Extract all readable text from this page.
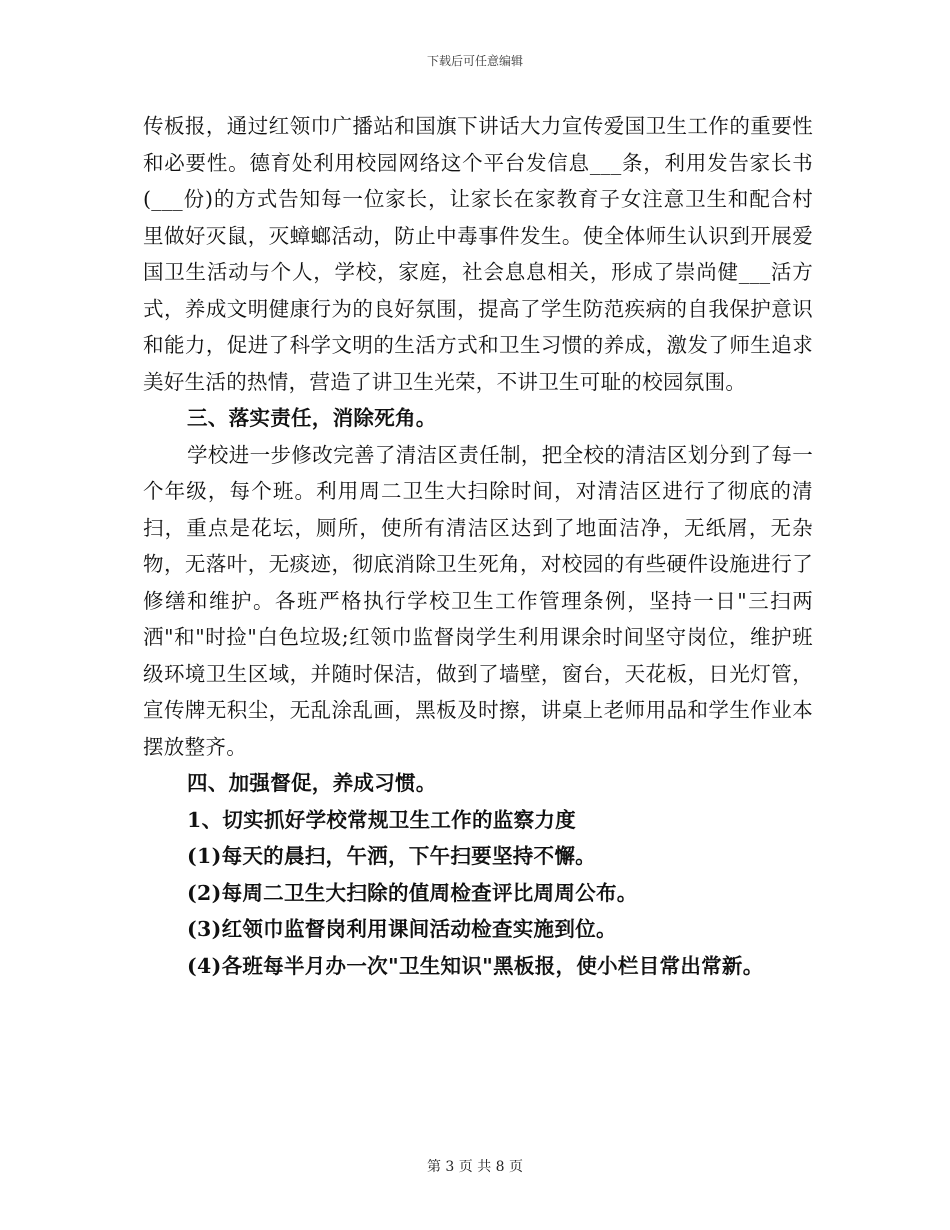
下载后可任意编辑

传板报，通过红领巾广播站和国旗下讲话大力宣传爱国卫生工作的重要性和必要性。德育处利用校园网络这个平台发信息___条，利用发告家长书(___份)的方式告知每一位家长，让家长在家教育子女注意卫生和配合村里做好灭鼠，灭蟑螂活动，防止中毒事件发生。使全体师生认识到开展爱国卫生活动与个人，学校，家庭，社会息息相关，形成了崇尚健___活方式，养成文明健康行为的良好氛围，提高了学生防范疾病的自我保护意识和能力，促进了科学文明的生活方式和卫生习惯的养成，激发了师生追求美好生活的热情，营造了讲卫生光荣，不讲卫生可耻的校园氛围。

三、落实责任，消除死角。

学校进一步修改完善了清洁区责任制，把全校的清洁区划分到了每一个年级，每个班。利用周二卫生大扫除时间，对清洁区进行了彻底的清扫，重点是花坛，厕所，使所有清洁区达到了地面洁净，无纸屑，无杂物，无落叶，无痰迹，彻底消除卫生死角，对校园的有些硬件设施进行了修缮和维护。各班严格执行学校卫生工作管理条例，坚持一日"三扫两洒"和"时捡"白色垃圾;红领巾监督岗学生利用课余时间坚守岗位，维护班级环境卫生区域，并随时保洁，做到了墙壁，窗台，天花板，日光灯管，宣传牌无积尘，无乱涂乱画，黑板及时擦，讲桌上老师用品和学生作业本摆放整齐。

四、加强督促，养成习惯。

1、切实抓好学校常规卫生工作的监察力度

(1)每天的晨扫，午洒，下午扫要坚持不懈。

(2)每周二卫生大扫除的值周检查评比周周公布。

(3)红领巾监督岗利用课间活动检查实施到位。

(4)各班每半月办一次"卫生知识"黑板报，使小栏目常出常新。

第 3 页 共 8 页
